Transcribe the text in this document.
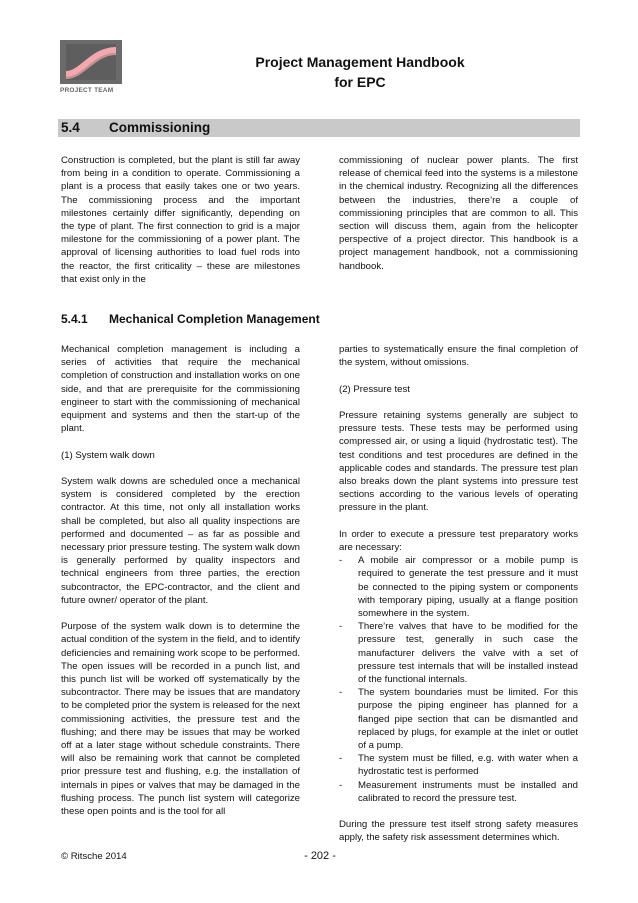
PROJECT TEAM
Project Management Handbook
for EPC
5.4 Commissioning

Construction is completed, but the plant is still far away from being in a condition to operate. Commissioning a plant is a process that easily takes one or two years. The commissioning process and the important milestones certainly differ significantly, depending on the type of plant. The first connection to grid is a major milestone for the commissioning of a power plant. The approval of licensing authorities to load fuel rods into the reactor, the first criticality – these are milestones that exist only in the

commissioning of nuclear power plants. The first release of chemical feed into the systems is a milestone in the chemical industry. Recognizing all the differences between the industries, there’re a couple of commissioning principles that are common to all. This section will discuss them, again from the helicopter perspective of a project director. This handbook is a project management handbook, not a commissioning handbook.

5.4.1 Mechanical Completion Management

Mechanical completion management is including a series of activities that require the mechanical completion of construction and installation works on one side, and that are prerequisite for the commissioning engineer to start with the commissioning of mechanical equipment and systems and then the start-up of the plant.

(1) System walk down

System walk downs are scheduled once a mechanical system is considered completed by the erection contractor. At this time, not only all installation works shall be completed, but also all quality inspections are performed and documented – as far as possible and necessary prior pressure testing. The system walk down is generally performed by quality inspectors and technical engineers from three parties, the erection subcontractor, the EPC-contractor, and the client and future owner/ operator of the plant.

Purpose of the system walk down is to determine the actual condition of the system in the field, and to identify deficiencies and remaining work scope to be performed. The open issues will be recorded in a punch list, and this punch list will be worked off systematically by the subcontractor. There may be issues that are mandatory to be completed prior the system is released for the next commissioning activities, the pressure test and the flushing; and there may be issues that may be worked off at a later stage without schedule constraints. There will also be remaining work that cannot be completed prior pressure test and flushing, e.g. the installation of internals in pipes or valves that may be damaged in the flushing process. The punch list system will categorize these open points and is the tool for all

parties to systematically ensure the final completion of the system, without omissions.

(2) Pressure test

Pressure retaining systems generally are subject to pressure tests. These tests may be performed using compressed air, or using a liquid (hydrostatic test). The test conditions and test procedures are defined in the applicable codes and standards. The pressure test plan also breaks down the plant systems into pressure test sections according to the various levels of operating pressure in the plant.

In order to execute a pressure test preparatory works are necessary:

- A mobile air compressor or a mobile pump is required to generate the test pressure and it must be connected to the piping system or components with temporary piping, usually at a flange position somewhere in the system.
- There’re valves that have to be modified for the pressure test, generally in such case the manufacturer delivers the valve with a set of pressure test internals that will be installed instead of the functional internals.
- The system boundaries must be limited. For this purpose the piping engineer has planned for a flanged pipe section that can be dismantled and replaced by plugs, for example at the inlet or outlet of a pump.
- The system must be filled, e.g. with water when a hydrostatic test is performed
- Measurement instruments must be installed and calibrated to record the pressure test.

During the pressure test itself strong safety measures apply, the safety risk assessment determines which.

© Ritsche 2014	- 202 -
